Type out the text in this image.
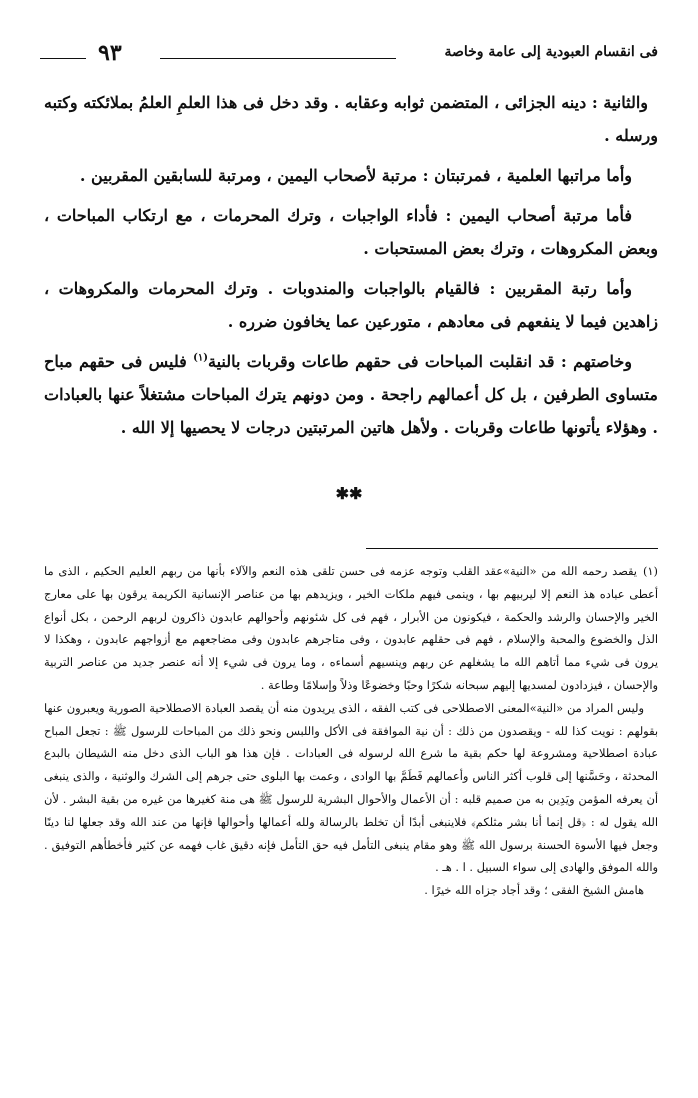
فى انقسام العبودية إلى عامة وخاصة
٩٣

والثانية : دينه الجزائى ، المتضمن ثوابه وعقابه . وقد دخل فى هذا العلمِ العلمُ بملائكته وكتبه ورسله .

وأما مراتبها العلمية ، فمرتبتان : مرتبة لأصحاب اليمين ، ومرتبة للسابقين المقربين .

فأما مرتبة أصحاب اليمين : فأداء الواجبات ، وترك المحرمات ، مع ارتكاب المباحات ، وبعض المكروهات ، وترك بعض المستحبات .

وأما رتبة المقربين : فالقيام بالواجبات والمندوبات . وترك المحرمات والمكروهات ، زاهدين فيما لا ينفعهم فى معادهم ، متورعين عما يخافون ضرره .

وخاصتهم : قد انقلبت المباحات فى حقهم طاعات وقربات بالنية$^{(١)}$ فليس فى حقهم مباح متساوى الطرفين ، بل كل أعمالهم راجحة . ومن دونهم يترك المباحات مشتغلاً عنها بالعبادات . وهؤلاء يأتونها طاعات وقربات . ولأهل هاتين المرتبتين درجات لا يحصيها إلا الله .

✱✱

(١)يقصد رحمه الله من «النية»عقد القلب وتوجه عزمه فى حسن تلقى هذه النعم والآلاء بأنها من ربهم العليم الحكيم ، الذى ما أعطى عباده هذ النعم إلا ليربيهم بها ، وينمى فيهم ملكات الخير ، ويزيدهم بها من عناصر الإنسانية الكريمة يرقون بها على معارج الخير والإحسان والرشد والحكمة ، فيكونون من الأبرار ، فهم فى كل شئونهم وأحوالهم عابدون ذاكرون لربهم الرحمن ، بكل أنواع الذل والخضوع والمحبة والإسلام ، فهم فى حقلهم عابدون ، وفى متاجرهم عابدون وفى مضاجعهم مع أزواجهم عابدون ، وهكذا لا يرون فى شيء مما أتاهم الله ما يشغلهم عن ربهم وينسيهم أسماءه ، وما يرون فى شيء إلا أنه عنصر جديد من عناصر التربية والإحسان ، فيزدادون لمسديها إليهم سبحانه شكرًا وحبًا وخضوعًا وذلاً وإسلامًا وطاعة .

وليس المراد من «النية»المعنى الاصطلاحى فى كتب الفقه ، الذى يريدون منه أن يقصد العبادة الاصطلاحية الصورية ويعبرون عنها بقولهم : نويت كذا لله - ويقصدون من ذلك : أن نية الموافقة فى الأكل واللبس ونحو ذلك من المباحات للرسول ﷺ : تجعل المباح عبادة اصطلاحية ومشروعة لها حكم بقية ما شرع الله لرسوله فى العبادات . فإن هذا هو الباب الذى دخل منه الشيطان بالبدع المحدثة ، وحَسَّنها إلى قلوب أكثر الناس وأعمالهم فَطَمَّ بها الوادى ، وعمت بها البلوى حتى جرهم إلى الشرك والوثنية ، والذى ينبغى أن يعرفه المؤمن ويَدِين به من صميم قلبه : أن الأعمال والأحوال البشرية للرسول ﷺ هى منة كغيرها من غيره من بقية البشر . لأن الله يقول له : ﴿قل إنما أنا بشر مثلكم﴾ فلاينبغى أبدًا أن تخلط بالرسالة ولله أعمالها وأحوالها فإنها من عند الله وقد جعلها لنا دينًا وجعل فيها الأسوة الحسنة برسول الله ﷺ وهو مقام ينبغى التأمل فيه حق التأمل فإنه دقيق غاب فهمه عن كثير فأخطأهم التوفيق . والله الموفق والهادى إلى سواء السبيل . ا . هـ .

هامش الشيخ الفقى ؛ وقد أجاد جزاه الله خيرًا .
